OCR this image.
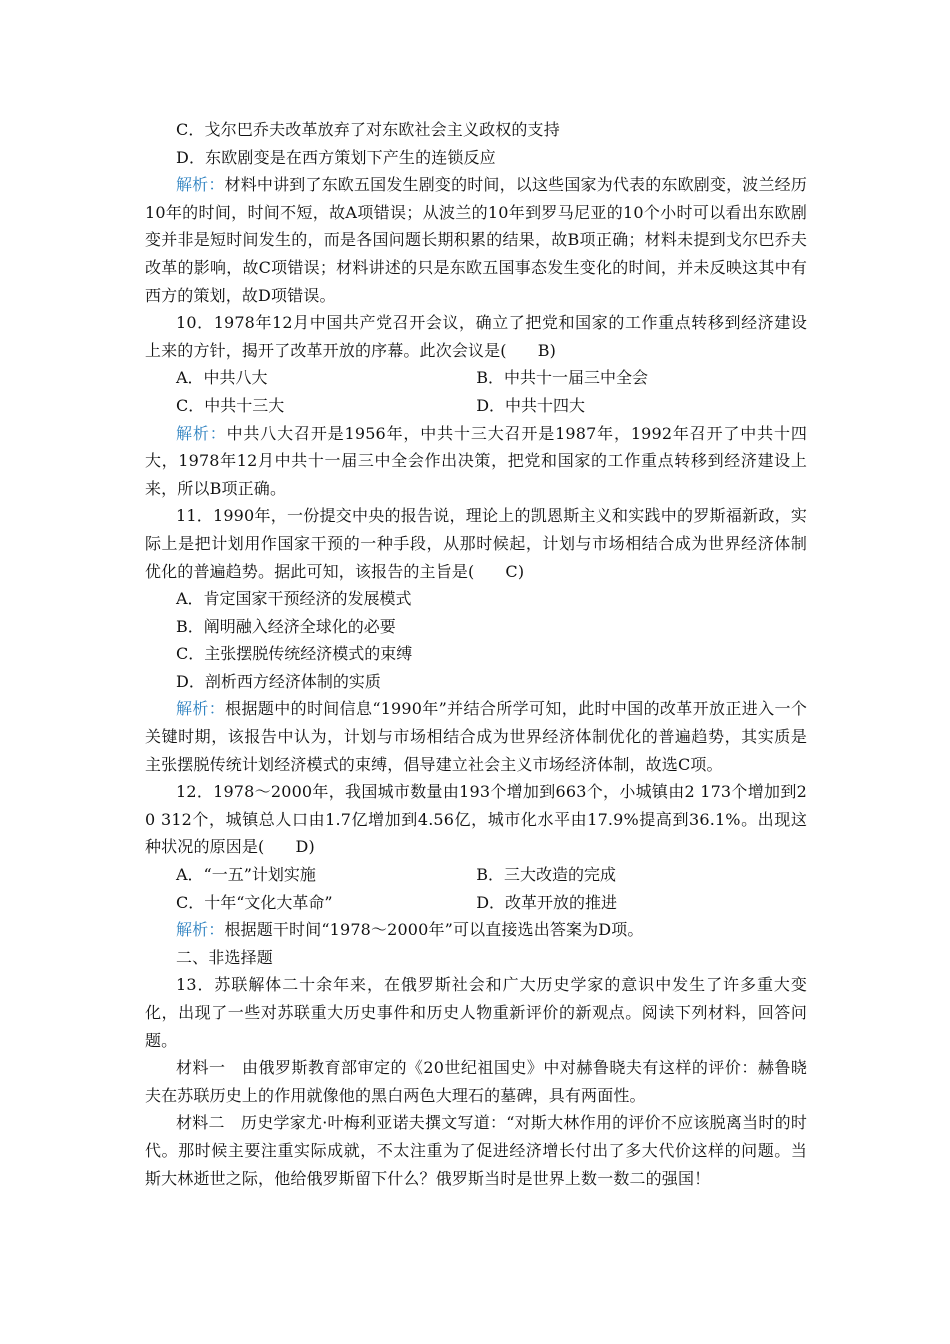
C．戈尔巴乔夫改革放弃了对东欧社会主义政权的支持

D．东欧剧变是在西方策划下产生的连锁反应

解析：材料中讲到了东欧五国发生剧变的时间，以这些国家为代表的东欧剧变，波兰经历10年的时间，时间不短，故A项错误；从波兰的10年到罗马尼亚的10个小时可以看出东欧剧变并非是短时间发生的，而是各国问题长期积累的结果，故B项正确；材料未提到戈尔巴乔夫改革的影响，故C项错误；材料讲述的只是东欧五国事态发生变化的时间，并未反映这其中有西方的策划，故D项错误。

10．1978年12月中国共产党召开会议，确立了把党和国家的工作重点转移到经济建设上来的方针，揭开了改革开放的序幕。此次会议是( B)

A．中共八大	B．中共十一届三中全会
C．中共十三大	D．中共十四大

解析：中共八大召开是1956年，中共十三大召开是1987年，1992年召开了中共十四大，1978年12月中共十一届三中全会作出决策，把党和国家的工作重点转移到经济建设上来，所以B项正确。

11．1990年，一份提交中央的报告说，理论上的凯恩斯主义和实践中的罗斯福新政，实际上是把计划用作国家干预的一种手段，从那时候起，计划与市场相结合成为世界经济体制优化的普遍趋势。据此可知，该报告的主旨是( C)

A．肯定国家干预经济的发展模式

B．阐明融入经济全球化的必要

C．主张摆脱传统经济模式的束缚

D．剖析西方经济体制的实质

解析：根据题中的时间信息“1990年”并结合所学可知，此时中国的改革开放正进入一个关键时期，该报告中认为，计划与市场相结合成为世界经济体制优化的普遍趋势，其实质是主张摆脱传统计划经济模式的束缚，倡导建立社会主义市场经济体制，故选C项。

12．1978～2000年，我国城市数量由193个增加到663个，小城镇由2 173个增加到20 312个，城镇总人口由1.7亿增加到4.56亿，城市化水平由17.9%提高到36.1%。出现这种状况的原因是( D)

A．“一五”计划实施	B．三大改造的完成
C．十年“文化大革命”	D．改革开放的推进

解析：根据题干时间“1978～2000年”可以直接选出答案为D项。

二、非选择题

13．苏联解体二十余年来，在俄罗斯社会和广大历史学家的意识中发生了许多重大变化，出现了一些对苏联重大历史事件和历史人物重新评价的新观点。阅读下列材料，回答问题。

材料一　由俄罗斯教育部审定的《20世纪祖国史》中对赫鲁晓夫有这样的评价：赫鲁晓夫在苏联历史上的作用就像他的黑白两色大理石的墓碑，具有两面性。

材料二　历史学家尤·叶梅利亚诺夫撰文写道：“对斯大林作用的评价不应该脱离当时的时代。那时候主要注重实际成就，不太注重为了促进经济增长付出了多大代价这样的问题。当斯大林逝世之际，他给俄罗斯留下什么？俄罗斯当时是世界上数一数二的强国！
